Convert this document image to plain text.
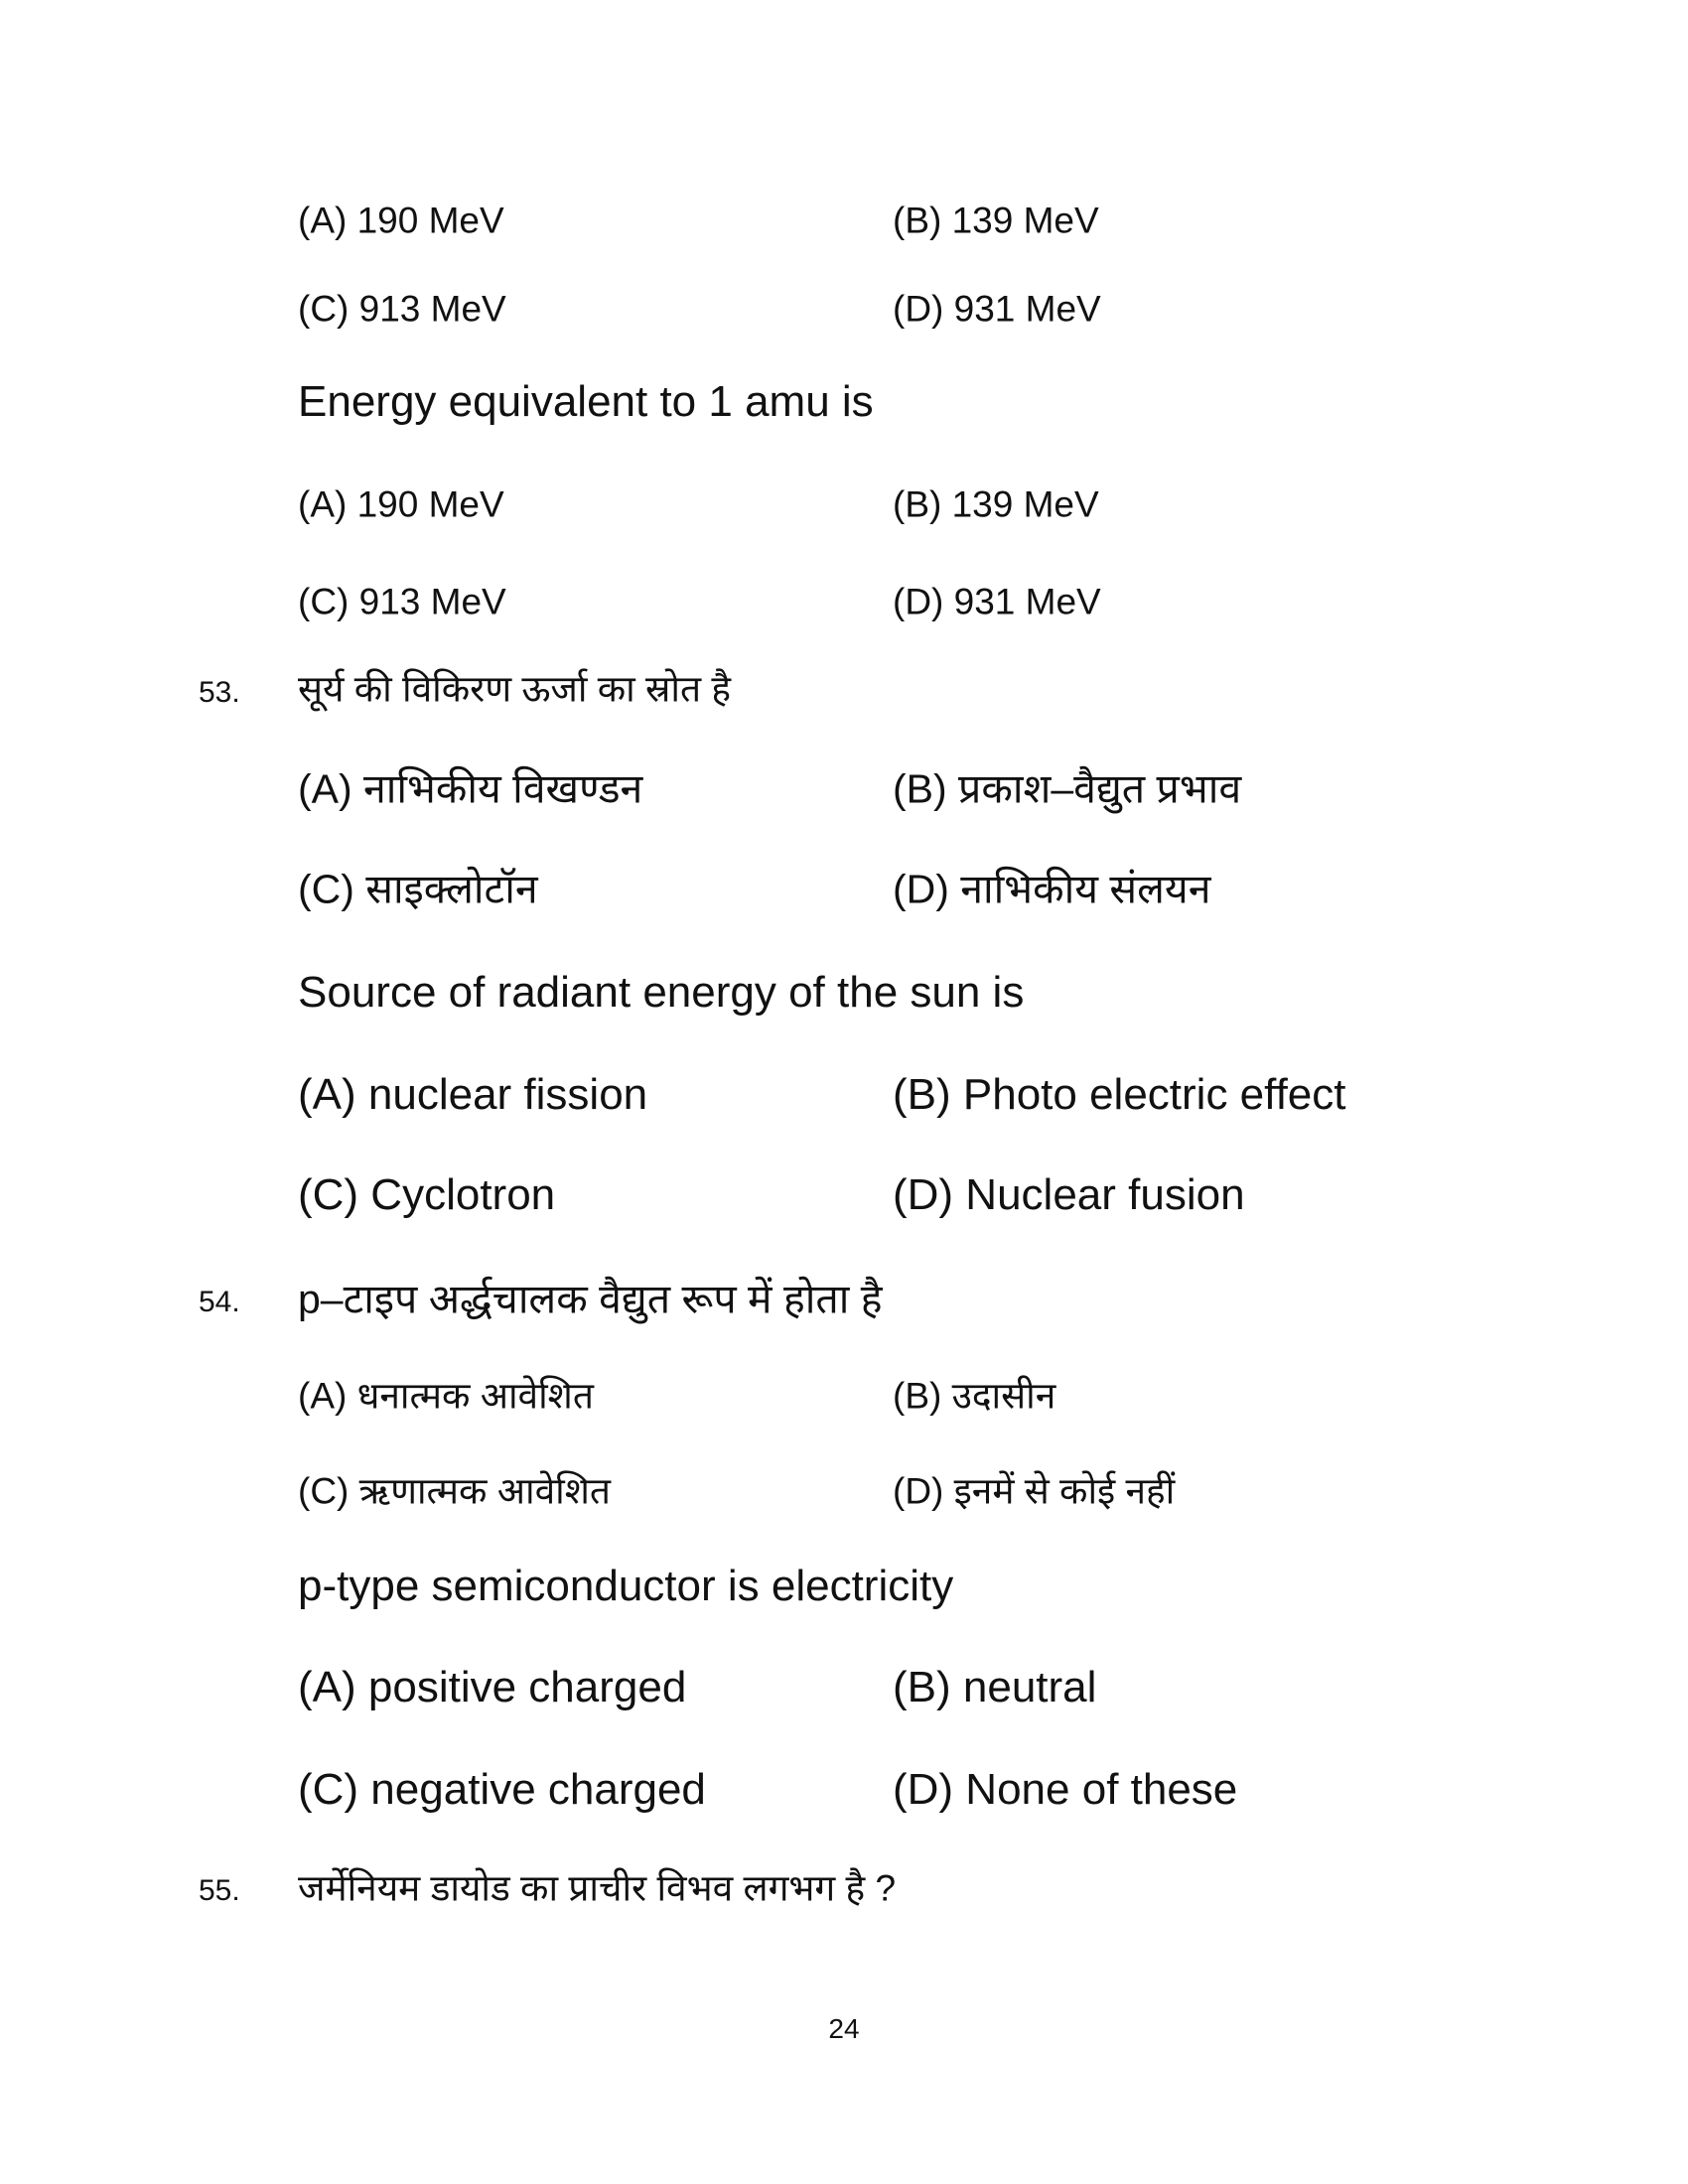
(A) 190 MeV	(B) 139 MeV
(C) 913 MeV	(D) 931 MeV
Energy equivalent to 1 amu is
(A) 190 MeV	(B) 139 MeV
(C) 913 MeV	(D) 931 MeV
53. सूर्य की विकिरण ऊर्जा का स्रोत है
(A) नाभिकीय विखण्डन	(B) प्रकाश–वैद्युत प्रभाव
(C) साइक्लोटॉन	(D) नाभिकीय संलयन
Source of radiant energy of the sun is
(A) nuclear fission	(B) Photo electric effect
(C) Cyclotron	(D) Nuclear fusion
54. p–टाइप अर्द्धचालक वैद्युत रूप में होता है
(A) धनात्मक आवेशित	(B) उदासीन
(C) ऋणात्मक आवेशित	(D) इनमें से कोई नहीं
p-type semiconductor is electricity
(A) positive charged	(B) neutral
(C) negative charged	(D) None of these
55. जर्मेनियम डायोड का प्राचीर विभव लगभग है ?
24
